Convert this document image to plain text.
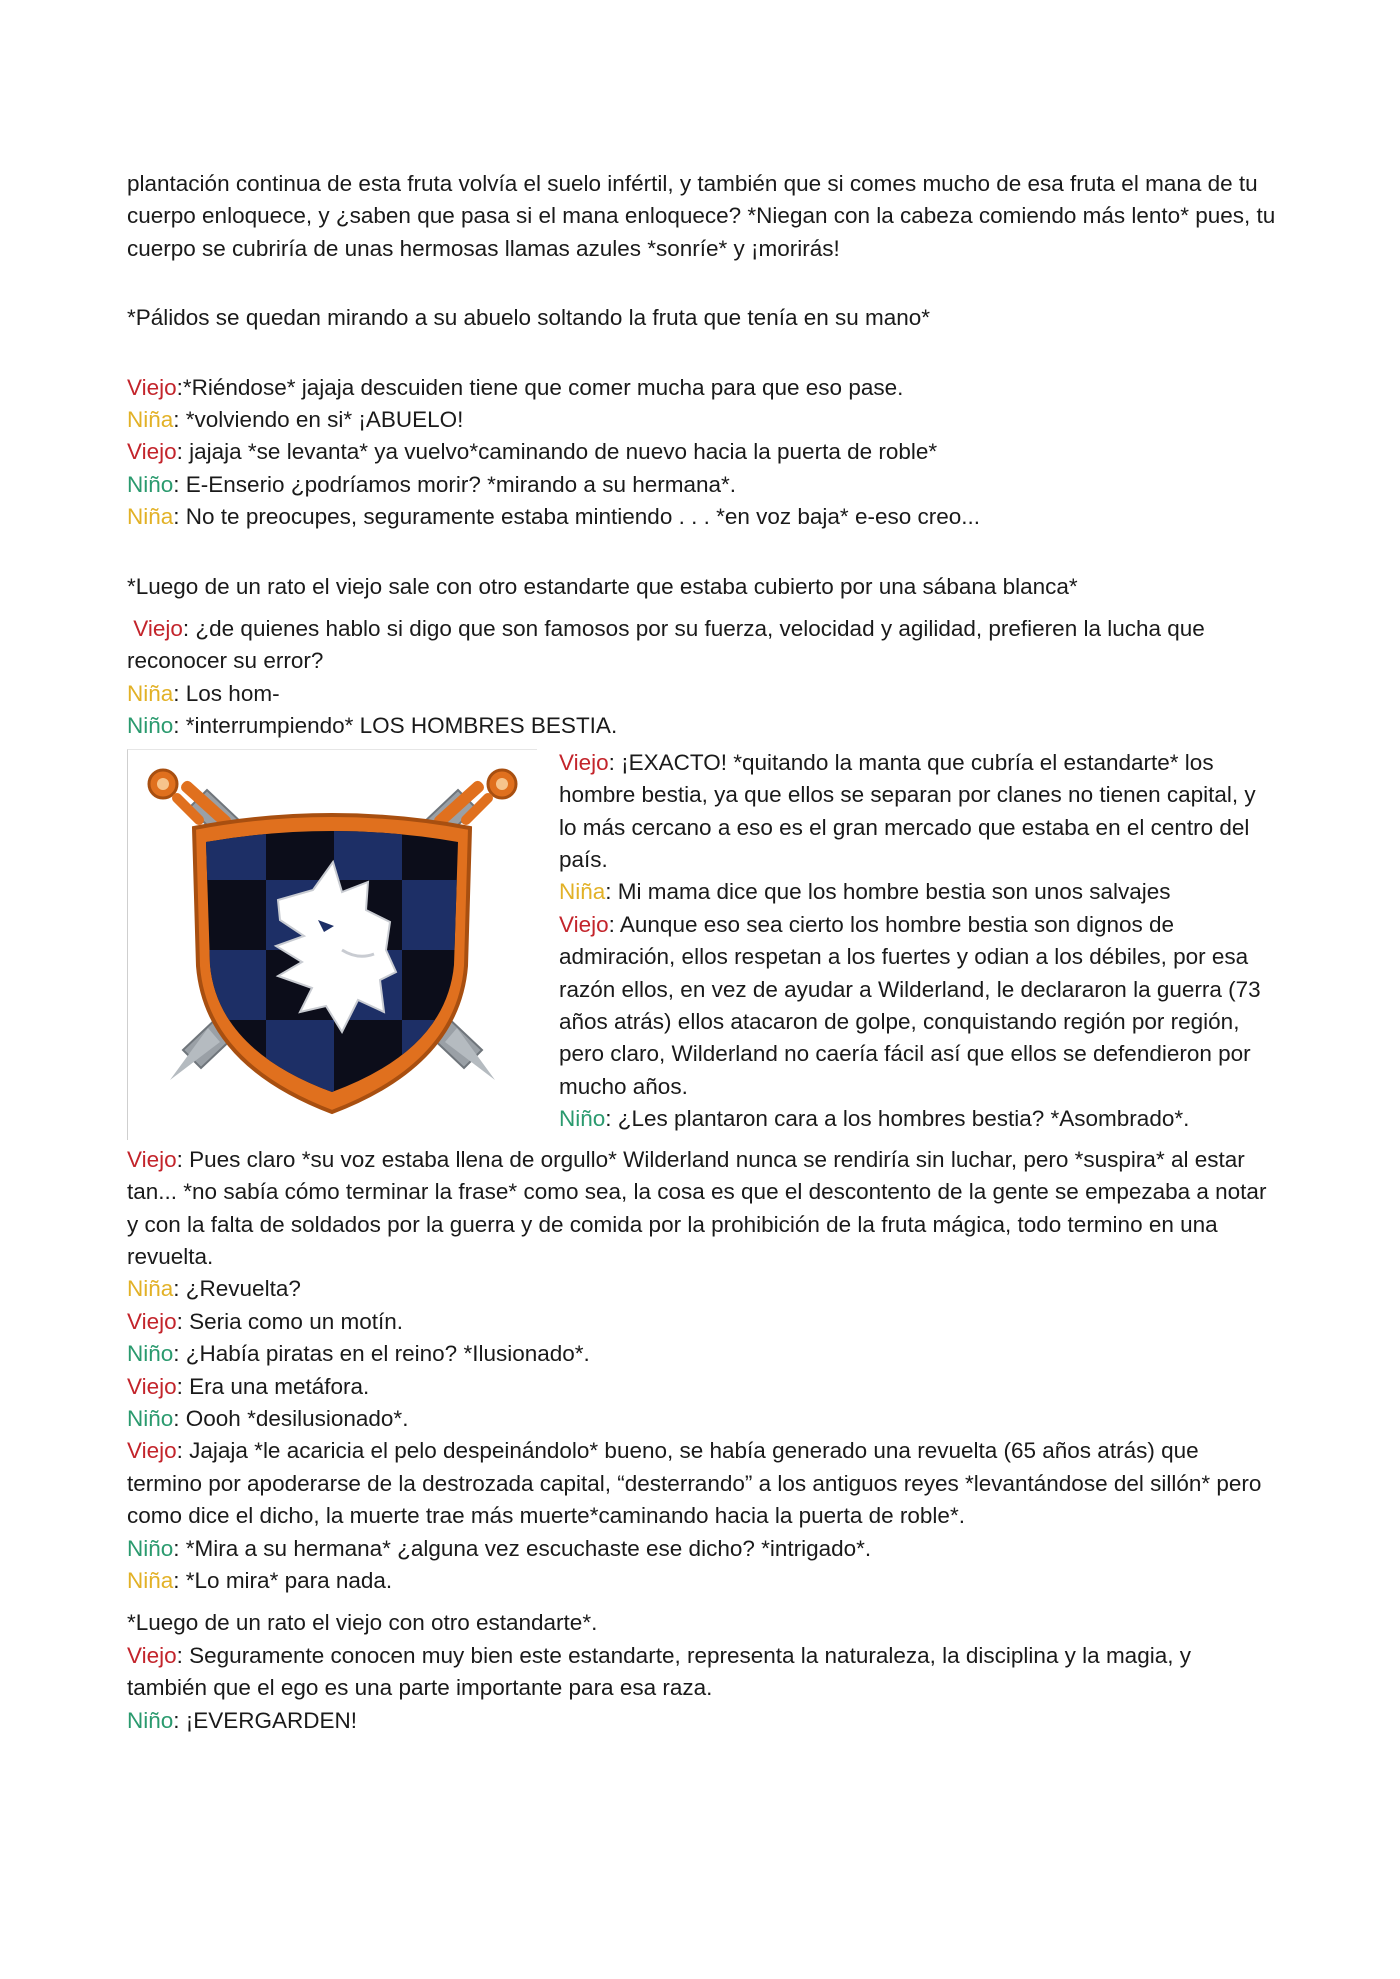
plantación continua de esta fruta volvía el suelo infértil, y también que si comes mucho de esa fruta el mana de tu cuerpo enloquece, y ¿saben que pasa si el mana enloquece? *Niegan con la cabeza comiendo más lento* pues, tu cuerpo se cubriría de unas hermosas llamas azules *sonríe* y ¡morirás!

*Pálidos se quedan mirando a su abuelo soltando la fruta que tenía en su mano*

Viejo:*Riéndose* jajaja descuiden tiene que comer mucha para que eso pase.

Niña: *volviendo en si* ¡ABUELO!

Viejo: jajaja *se levanta* ya vuelvo*caminando de nuevo hacia la puerta de roble*

Niño: E-Enserio ¿podríamos morir? *mirando a su hermana*.

Niña: No te preocupes, seguramente estaba mintiendo . . . *en voz baja* e-eso creo...

*Luego de un rato el viejo sale con otro estandarte que estaba cubierto por una sábana blanca*

Viejo: ¿de quienes hablo si digo que son famosos por su fuerza, velocidad y agilidad, prefieren la lucha que reconocer su error?

Niña: Los hom-

Niño: *interrumpiendo* LOS HOMBRES BESTIA.

Viejo: ¡EXACTO! *quitando la manta que cubría el estandarte* los hombre bestia, ya que ellos se separan por clanes no tienen capital, y lo más cercano a eso es el gran mercado que estaba en el centro del país.

Niña: Mi mama dice que los hombre bestia son unos salvajes

Viejo: Aunque eso sea cierto los hombre bestia son dignos de admiración, ellos respetan a los fuertes y odian a los débiles, por esa razón ellos, en vez de ayudar a Wilderland, le declararon la guerra (73 años atrás) ellos atacaron de golpe, conquistando región por región, pero claro, Wilderland no caería fácil así que ellos se defendieron por mucho años.

Niño: ¿Les plantaron cara a los hombres bestia? *Asombrado*.

Viejo: Pues claro *su voz estaba llena de orgullo* Wilderland nunca se rendiría sin luchar, pero *suspira* al estar tan... *no sabía cómo terminar la frase* como sea, la cosa es que el descontento de la gente se empezaba a notar y con la falta de soldados por la guerra y de comida por la prohibición de la fruta mágica, todo termino en una revuelta.

Niña: ¿Revuelta?

Viejo: Seria como un motín.

Niño: ¿Había piratas en el reino? *Ilusionado*.

Viejo: Era una metáfora.

Niño: Oooh *desilusionado*.

Viejo: Jajaja *le acaricia el pelo despeinándolo* bueno, se había generado una revuelta (65 años atrás) que termino por apoderarse de la destrozada capital, “desterrando” a los antiguos reyes *levantándose del sillón* pero como dice el dicho, la muerte trae más muerte*caminando hacia la puerta de roble*.

Niño: *Mira a su hermana* ¿alguna vez escuchaste ese dicho? *intrigado*.

Niña: *Lo mira* para nada.

*Luego de un rato el viejo con otro estandarte*.

Viejo: Seguramente conocen muy bien este estandarte, representa la naturaleza, la disciplina y la magia, y también que el ego es una parte importante para esa raza.

Niño: ¡EVERGARDEN!
